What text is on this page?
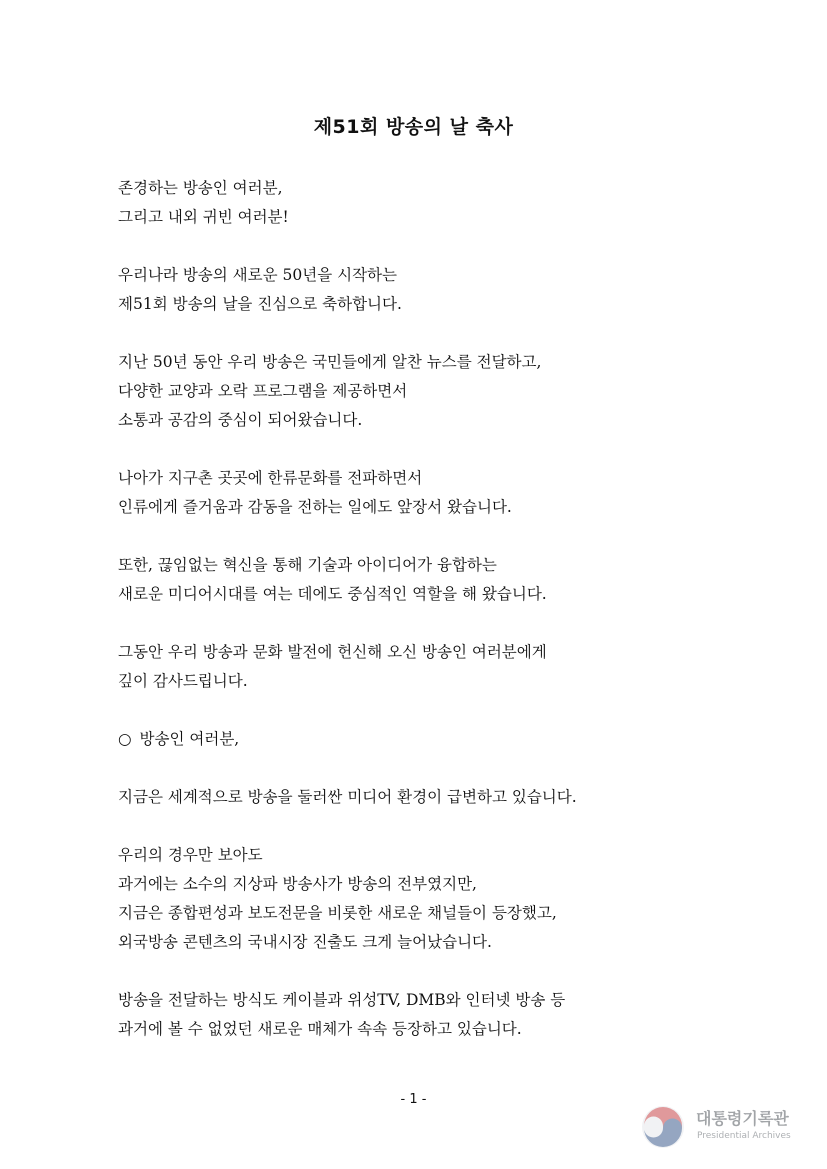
제51회 방송의 날 축사
존경하는 방송인 여러분,
그리고 내외 귀빈 여러분!
우리나라 방송의 새로운 50년을 시작하는
제51회 방송의 날을 진심으로 축하합니다.
지난 50년 동안 우리 방송은 국민들에게 알찬 뉴스를 전달하고,
다양한 교양과 오락 프로그램을 제공하면서
소통과 공감의 중심이 되어왔습니다.
나아가 지구촌 곳곳에 한류문화를 전파하면서
인류에게 즐거움과 감동을 전하는 일에도 앞장서 왔습니다.
또한, 끊임없는 혁신을 통해 기술과 아이디어가 융합하는
새로운 미디어시대를 여는 데에도 중심적인 역할을 해 왔습니다.
그동안 우리 방송과 문화 발전에 헌신해 오신 방송인 여러분에게
깊이 감사드립니다.
○ 방송인 여러분,
지금은 세계적으로 방송을 둘러싼 미디어 환경이 급변하고 있습니다.
우리의 경우만 보아도
과거에는 소수의 지상파 방송사가 방송의 전부였지만,
지금은 종합편성과 보도전문을 비롯한 새로운 채널들이 등장했고,
외국방송 콘텐츠의 국내시장 진출도 크게 늘어났습니다.
방송을 전달하는 방식도 케이블과 위성TV, DMB와 인터넷 방송 등
과거에 볼 수 없었던 새로운 매체가 속속 등장하고 있습니다.
- 1 -
대통령기록관
Presidential Archives
